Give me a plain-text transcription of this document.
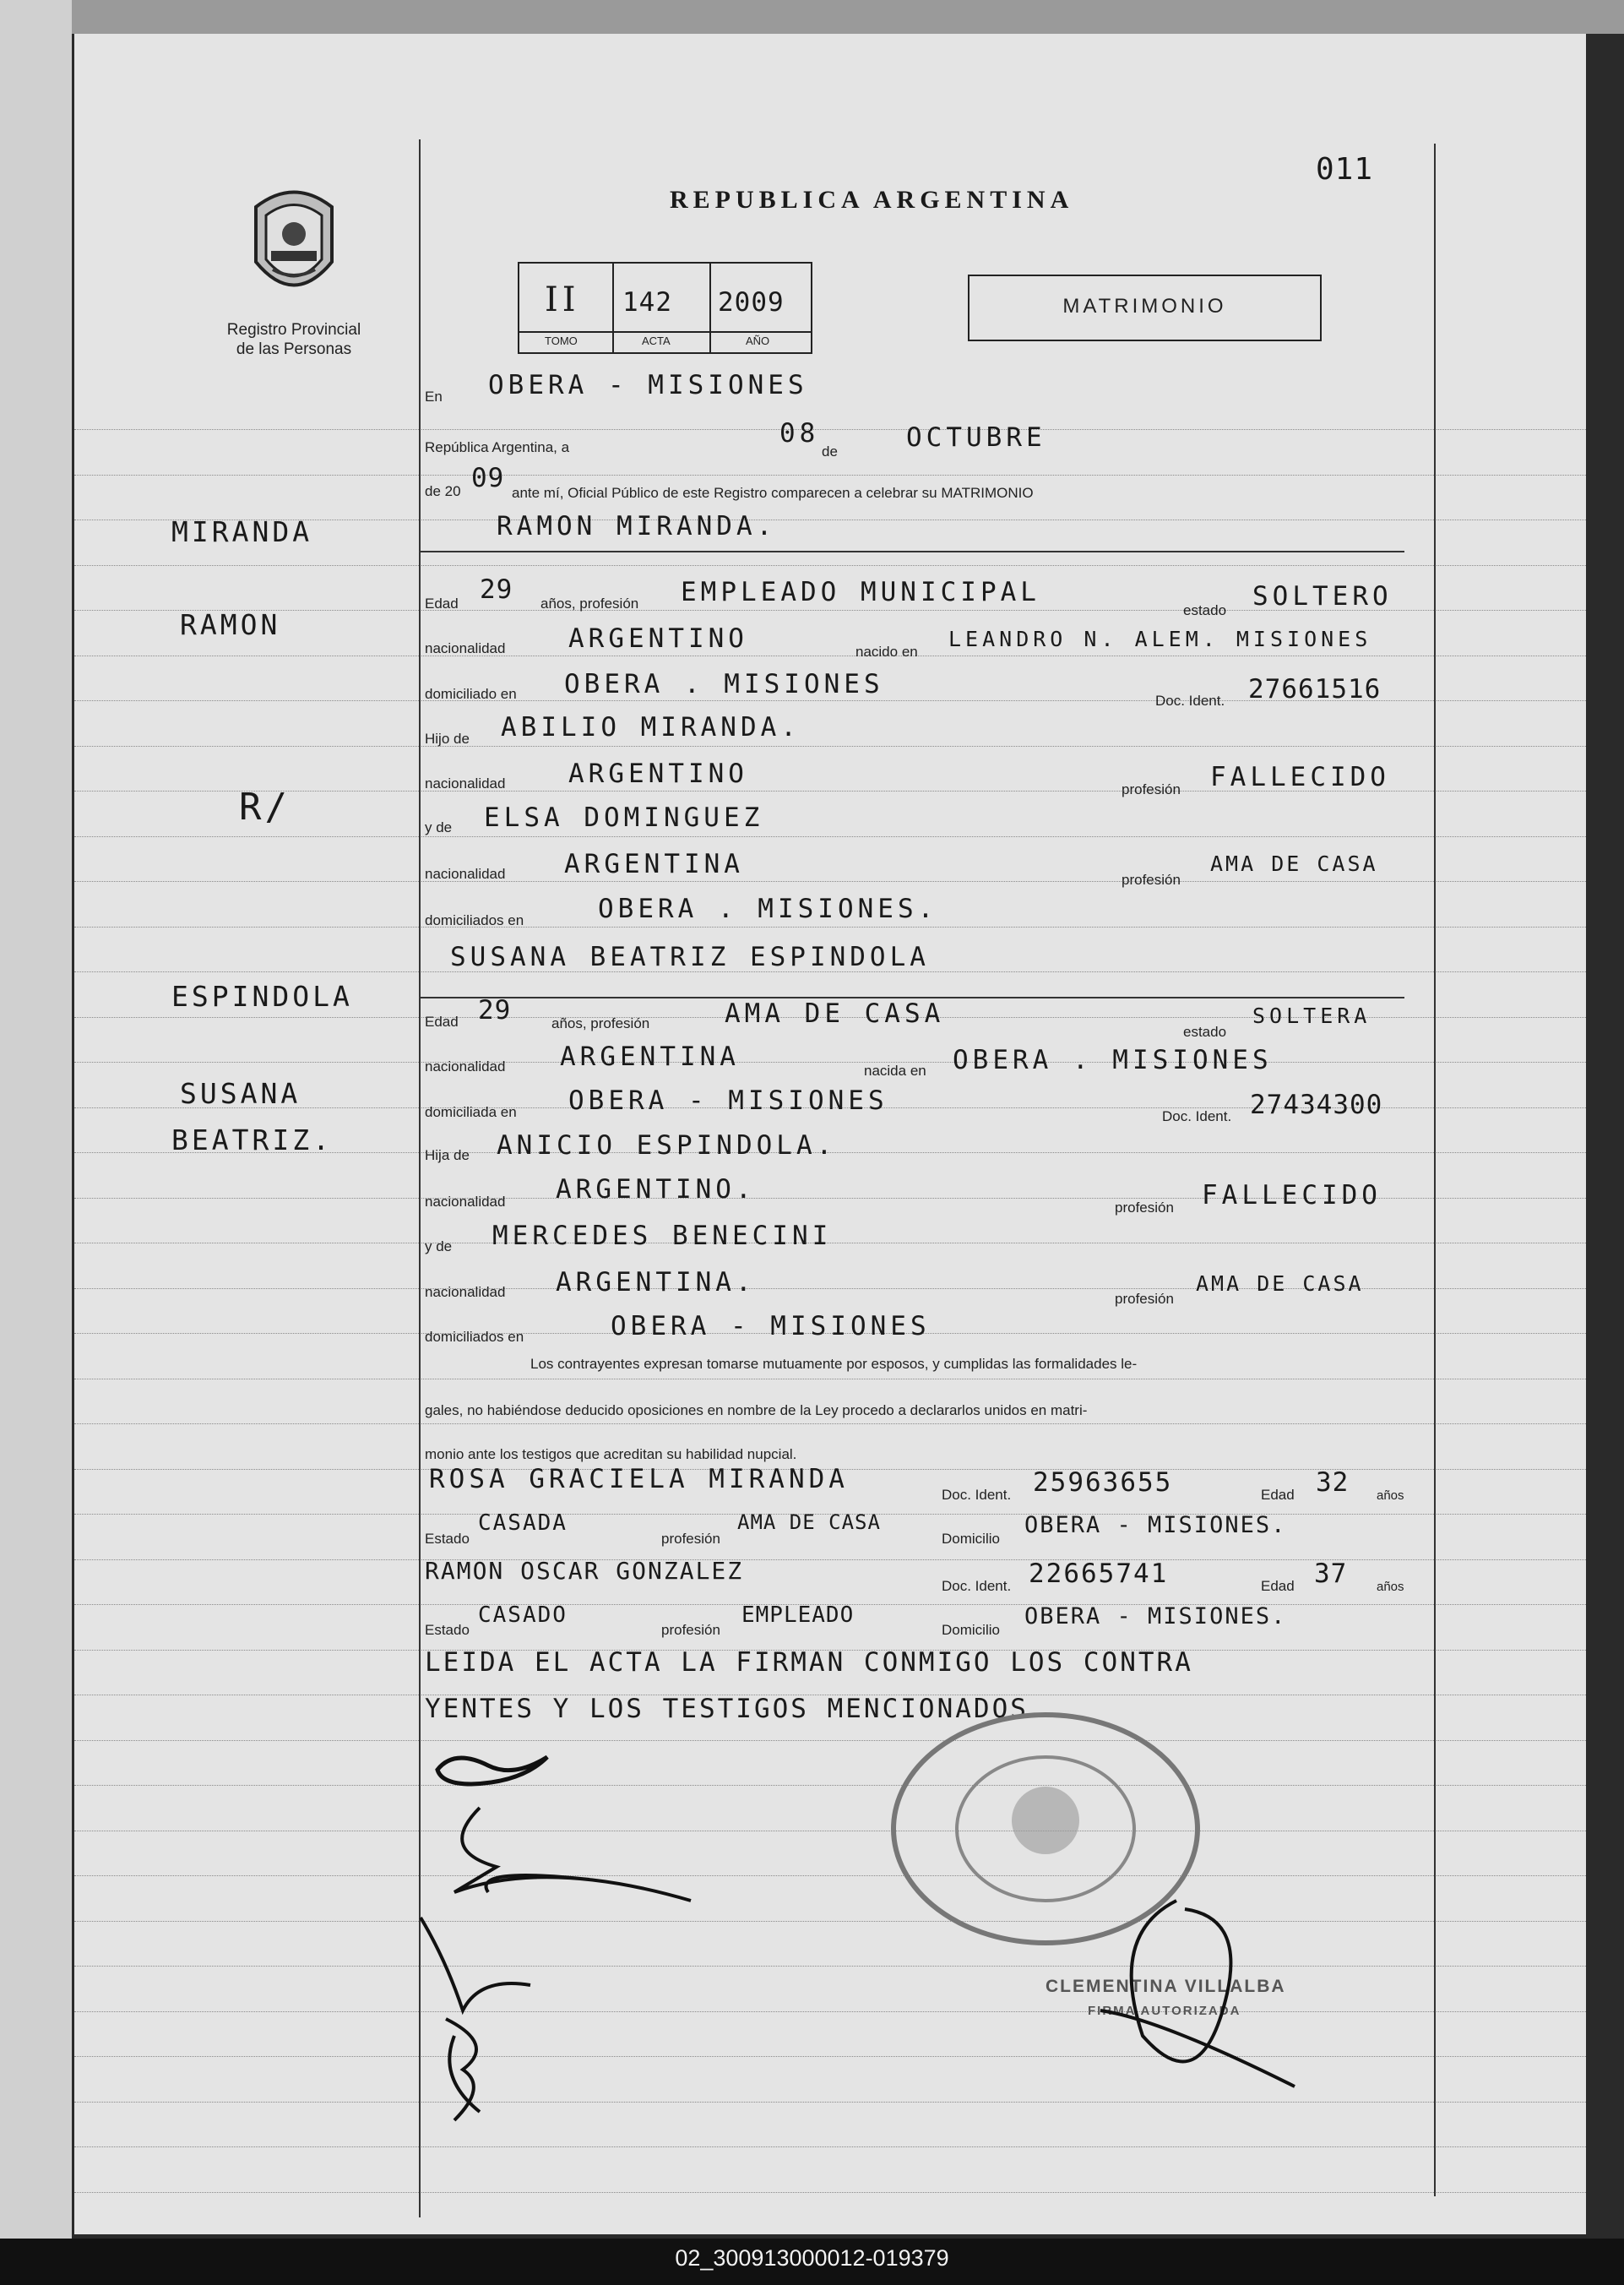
011
Registro Provincial
de las Personas
REPUBLICA ARGENTINA
II 142 2009
TOMO	ACTA	AÑO
MATRIMONIO
MIRANDA
RAMON
R/
ESPINDOLA
SUSANA
BEATRIZ.
En OBERA - MISIONES
República Argentina, a	08
de	OCTUBRE
de 20 09 ante mí, Oficial Público de este Registro comparecen a celebrar su MATRIMONIO
RAMON MIRANDA.
Edad 29 años, profesión EMPLEADO MUNICIPAL
estado SOLTERO
nacionalidad ARGENTINO	nacido en
LEANDRO N. ALEM. MISIONES
domiciliado en OBERA . MISIONES
Doc. Ident. 27661516
Hijo de ABILIO MIRANDA.
nacionalidad ARGENTINO
profesión FALLECIDO
y de ELSA DOMINGUEZ
nacionalidad ARGENTINA
profesión
AMA DE CASA
domiciliados en	OBERA . MISIONES.
SUSANA BEATRIZ ESPINDOLA
Edad 29	años, profesión	AMA DE CASA
estado
SOLTERA
nacionalidad ARGENTINA	nacida en OBERA . MISIONES
domiciliada en OBERA - MISIONES
Doc. Ident. 27434300
Hija de ANICIO ESPINDOLA.
nacionalidad ARGENTINO.
profesión FALLECIDO
y de MERCEDES BENECINI
nacionalidad ARGENTINA.
profesión
AMA DE CASA
domiciliados en	OBERA - MISIONES
Los contrayentes expresan tomarse mutuamente por esposos, y cumplidas las formalidades le-
gales, no habiéndose deducido oposiciones en nombre de la Ley procedo a declararlos unidos en matri-
monio ante los testigos que acreditan su habilidad nupcial.
ROSA GRACIELA MIRANDA
Doc. Ident. 25963655	Edad 32 años
Estado
CASADA
profesión
AMA DE CASA
Domicilio
OBERA - MISIONES.
RAMON OSCAR GONZALEZ
Doc. Ident. 22665741	Edad 37 años
Estado
CASADO
profesión
EMPLEADO
Domicilio
OBERA - MISIONES.
LEIDA EL ACTA LA FIRMAN CONMIGO LOS CONTRA
YENTES Y LOS TESTIGOS MENCIONADOS.
CLEMENTINA VILLALBA
FIRMA AUTORIZADA
02_300913000012-019379
